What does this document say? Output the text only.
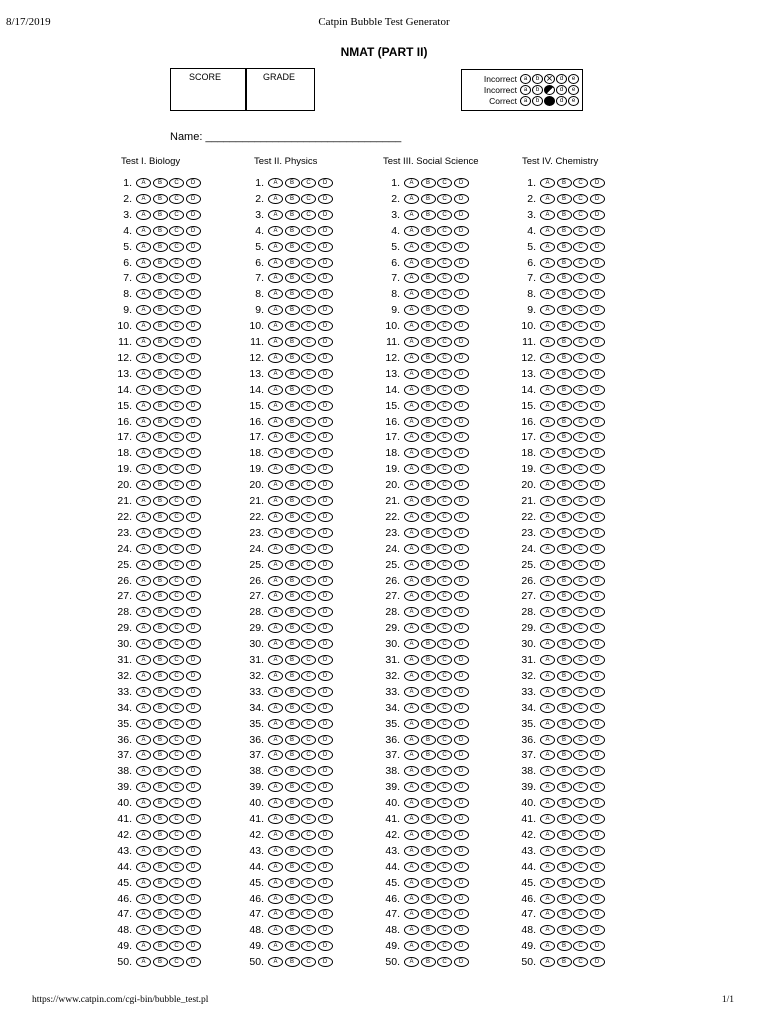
8/17/2019	Catpin Bubble Test Generator
NMAT (PART II)
SCORE	GRADE	Incorrect	a	b ×	d	e
Incorrect	a	b	d	e
Correct	a	b	d	e
Name: ________________________________
Test I. Biology	Test II. Physics	Test III. Social Science	Test IV. Chemistry
1.	A	B	C	D
2.	A	B	C	D
3.	A	B	C	D
4.	A	B	C	D
5.	A	B	C	D
6.	A	B	C	D
7.	A	B	C	D
8.	A	B	C	D
9.	A	B	C	D
10.	A	B	C	D
11.	A	B	C	D
12.	A	B	C	D
13.	A	B	C	D
14.	A	B	C	D
15.	A	B	C	D
16.	A	B	C	D
17.	A	B	C	D
18.	A	B	C	D
19.	A	B	C	D
20.	A	B	C	D
21.	A	B	C	D
22.	A	B	C	D
23.	A	B	C	D
24.	A	B	C	D
25.	A	B	C	D
26.	A	B	C	D
27.	A	B	C	D
28.	A	B	C	D
29.	A	B	C	D
30.	A	B	C	D
31.	A	B	C	D
32.	A	B	C	D
33.	A	B	C	D
34.	A	B	C	D
35.	A	B	C	D
36.	A	B	C	D
37.	A	B	C	D
38.	A	B	C	D
39.	A	B	C	D
40.	A	B	C	D
41.	A	B	C	D
42.	A	B	C	D
43.	A	B	C	D
44.	A	B	C	D
45.	A	B	C	D
46.	A	B	C	D
47.	A	B	C	D
48.	A	B	C	D
49.	A	B	C	D
50.	A	B	C	D
1.	A	B	C	D
2.	A	B	C	D
3.	A	B	C	D
4.	A	B	C	D
5.	A	B	C	D
6.	A	B	C	D
7.	A	B	C	D
8.	A	B	C	D
9.	A	B	C	D
10.	A	B	C	D
11.	A	B	C	D
12.	A	B	C	D
13.	A	B	C	D
14.	A	B	C	D
15.	A	B	C	D
16.	A	B	C	D
17.	A	B	C	D
18.	A	B	C	D
19.	A	B	C	D
20.	A	B	C	D
21.	A	B	C	D
22.	A	B	C	D
23.	A	B	C	D
24.	A	B	C	D
25.	A	B	C	D
26.	A	B	C	D
27.	A	B	C	D
28.	A	B	C	D
29.	A	B	C	D
30.	A	B	C	D
31.	A	B	C	D
32.	A	B	C	D
33.	A	B	C	D
34.	A	B	C	D
35.	A	B	C	D
36.	A	B	C	D
37.	A	B	C	D
38.	A	B	C	D
39.	A	B	C	D
40.	A	B	C	D
41.	A	B	C	D
42.	A	B	C	D
43.	A	B	C	D
44.	A	B	C	D
45.	A	B	C	D
46.	A	B	C	D
47.	A	B	C	D
48.	A	B	C	D
49.	A	B	C	D
50.	A	B	C	D
1.	A	B	C	D
2.	A	B	C	D
3.	A	B	C	D
4.	A	B	C	D
5.	A	B	C	D
6.	A	B	C	D
7.	A	B	C	D
8.	A	B	C	D
9.	A	B	C	D
10.	A	B	C	D
11.	A	B	C	D
12.	A	B	C	D
13.	A	B	C	D
14.	A	B	C	D
15.	A	B	C	D
16.	A	B	C	D
17.	A	B	C	D
18.	A	B	C	D
19.	A	B	C	D
20.	A	B	C	D
21.	A	B	C	D
22.	A	B	C	D
23.	A	B	C	D
24.	A	B	C	D
25.	A	B	C	D
26.	A	B	C	D
27.	A	B	C	D
28.	A	B	C	D
29.	A	B	C	D
30.	A	B	C	D
31.	A	B	C	D
32.	A	B	C	D
33.	A	B	C	D
34.	A	B	C	D
35.	A	B	C	D
36.	A	B	C	D
37.	A	B	C	D
38.	A	B	C	D
39.	A	B	C	D
40.	A	B	C	D
41.	A	B	C	D
42.	A	B	C	D
43.	A	B	C	D
44.	A	B	C	D
45.	A	B	C	D
46.	A	B	C	D
47.	A	B	C	D
48.	A	B	C	D
49.	A	B	C	D
50.	A	B	C	D
1.	A	B	C	D
2.	A	B	C	D
3.	A	B	C	D
4.	A	B	C	D
5.	A	B	C	D
6.	A	B	C	D
7.	A	B	C	D
8.	A	B	C	D
9.	A	B	C	D
10.	A	B	C	D
11.	A	B	C	D
12.	A	B	C	D
13.	A	B	C	D
14.	A	B	C	D
15.	A	B	C	D
16.	A	B	C	D
17.	A	B	C	D
18.	A	B	C	D
19.	A	B	C	D
20.	A	B	C	D
21.	A	B	C	D
22.	A	B	C	D
23.	A	B	C	D
24.	A	B	C	D
25.	A	B	C	D
26.	A	B	C	D
27.	A	B	C	D
28.	A	B	C	D
29.	A	B	C	D
30.	A	B	C	D
31.	A	B	C	D
32.	A	B	C	D
33.	A	B	C	D
34.	A	B	C	D
35.	A	B	C	D
36.	A	B	C	D
37.	A	B	C	D
38.	A	B	C	D
39.	A	B	C	D
40.	A	B	C	D
41.	A	B	C	D
42.	A	B	C	D
43.	A	B	C	D
44.	A	B	C	D
45.	A	B	C	D
46.	A	B	C	D
47.	A	B	C	D
48.	A	B	C	D
49.	A	B	C	D
50.	A	B	C	D
https://www.catpin.com/cgi-bin/bubble_test.pl	1/1
